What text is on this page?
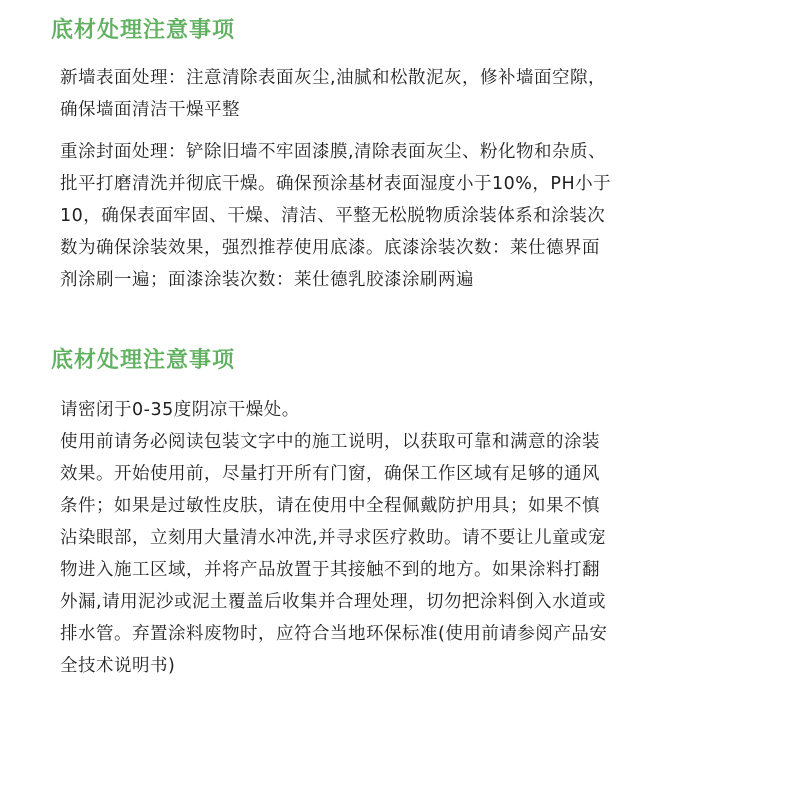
底材处理注意事项

新墙表面处理：注意清除表面灰尘,油腻和松散泥灰，修补墙面空隙，
确保墙面清洁干燥平整

重涂封面处理：铲除旧墙不牢固漆膜,清除表面灰尘、粉化物和杂质、
批平打磨清洗并彻底干燥。确保预涂基材表面湿度小于10%，PH小于
10，确保表面牢固、干燥、清洁、平整无松脱物质涂装体系和涂装次
数为确保涂装效果，强烈推荐使用底漆。底漆涂装次数：莱仕德界面
剂涂刷一遍；面漆涂装次数：莱仕德乳胶漆涂刷两遍

底材处理注意事项

请密闭于0-35度阴凉干燥处。

使用前请务必阅读包装文字中的施工说明，以获取可靠和满意的涂装
效果。开始使用前，尽量打开所有门窗，确保工作区域有足够的通风
条件；如果是过敏性皮肤，请在使用中全程佩戴防护用具；如果不慎
沾染眼部，立刻用大量清水冲洗,并寻求医疗救助。请不要让儿童或宠
物进入施工区域，并将产品放置于其接触不到的地方。如果涂料打翻
外漏,请用泥沙或泥土覆盖后收集并合理处理，切勿把涂料倒入水道或
排水管。弃置涂料废物时，应符合当地环保标准(使用前请参阅产品安
全技术说明书)
